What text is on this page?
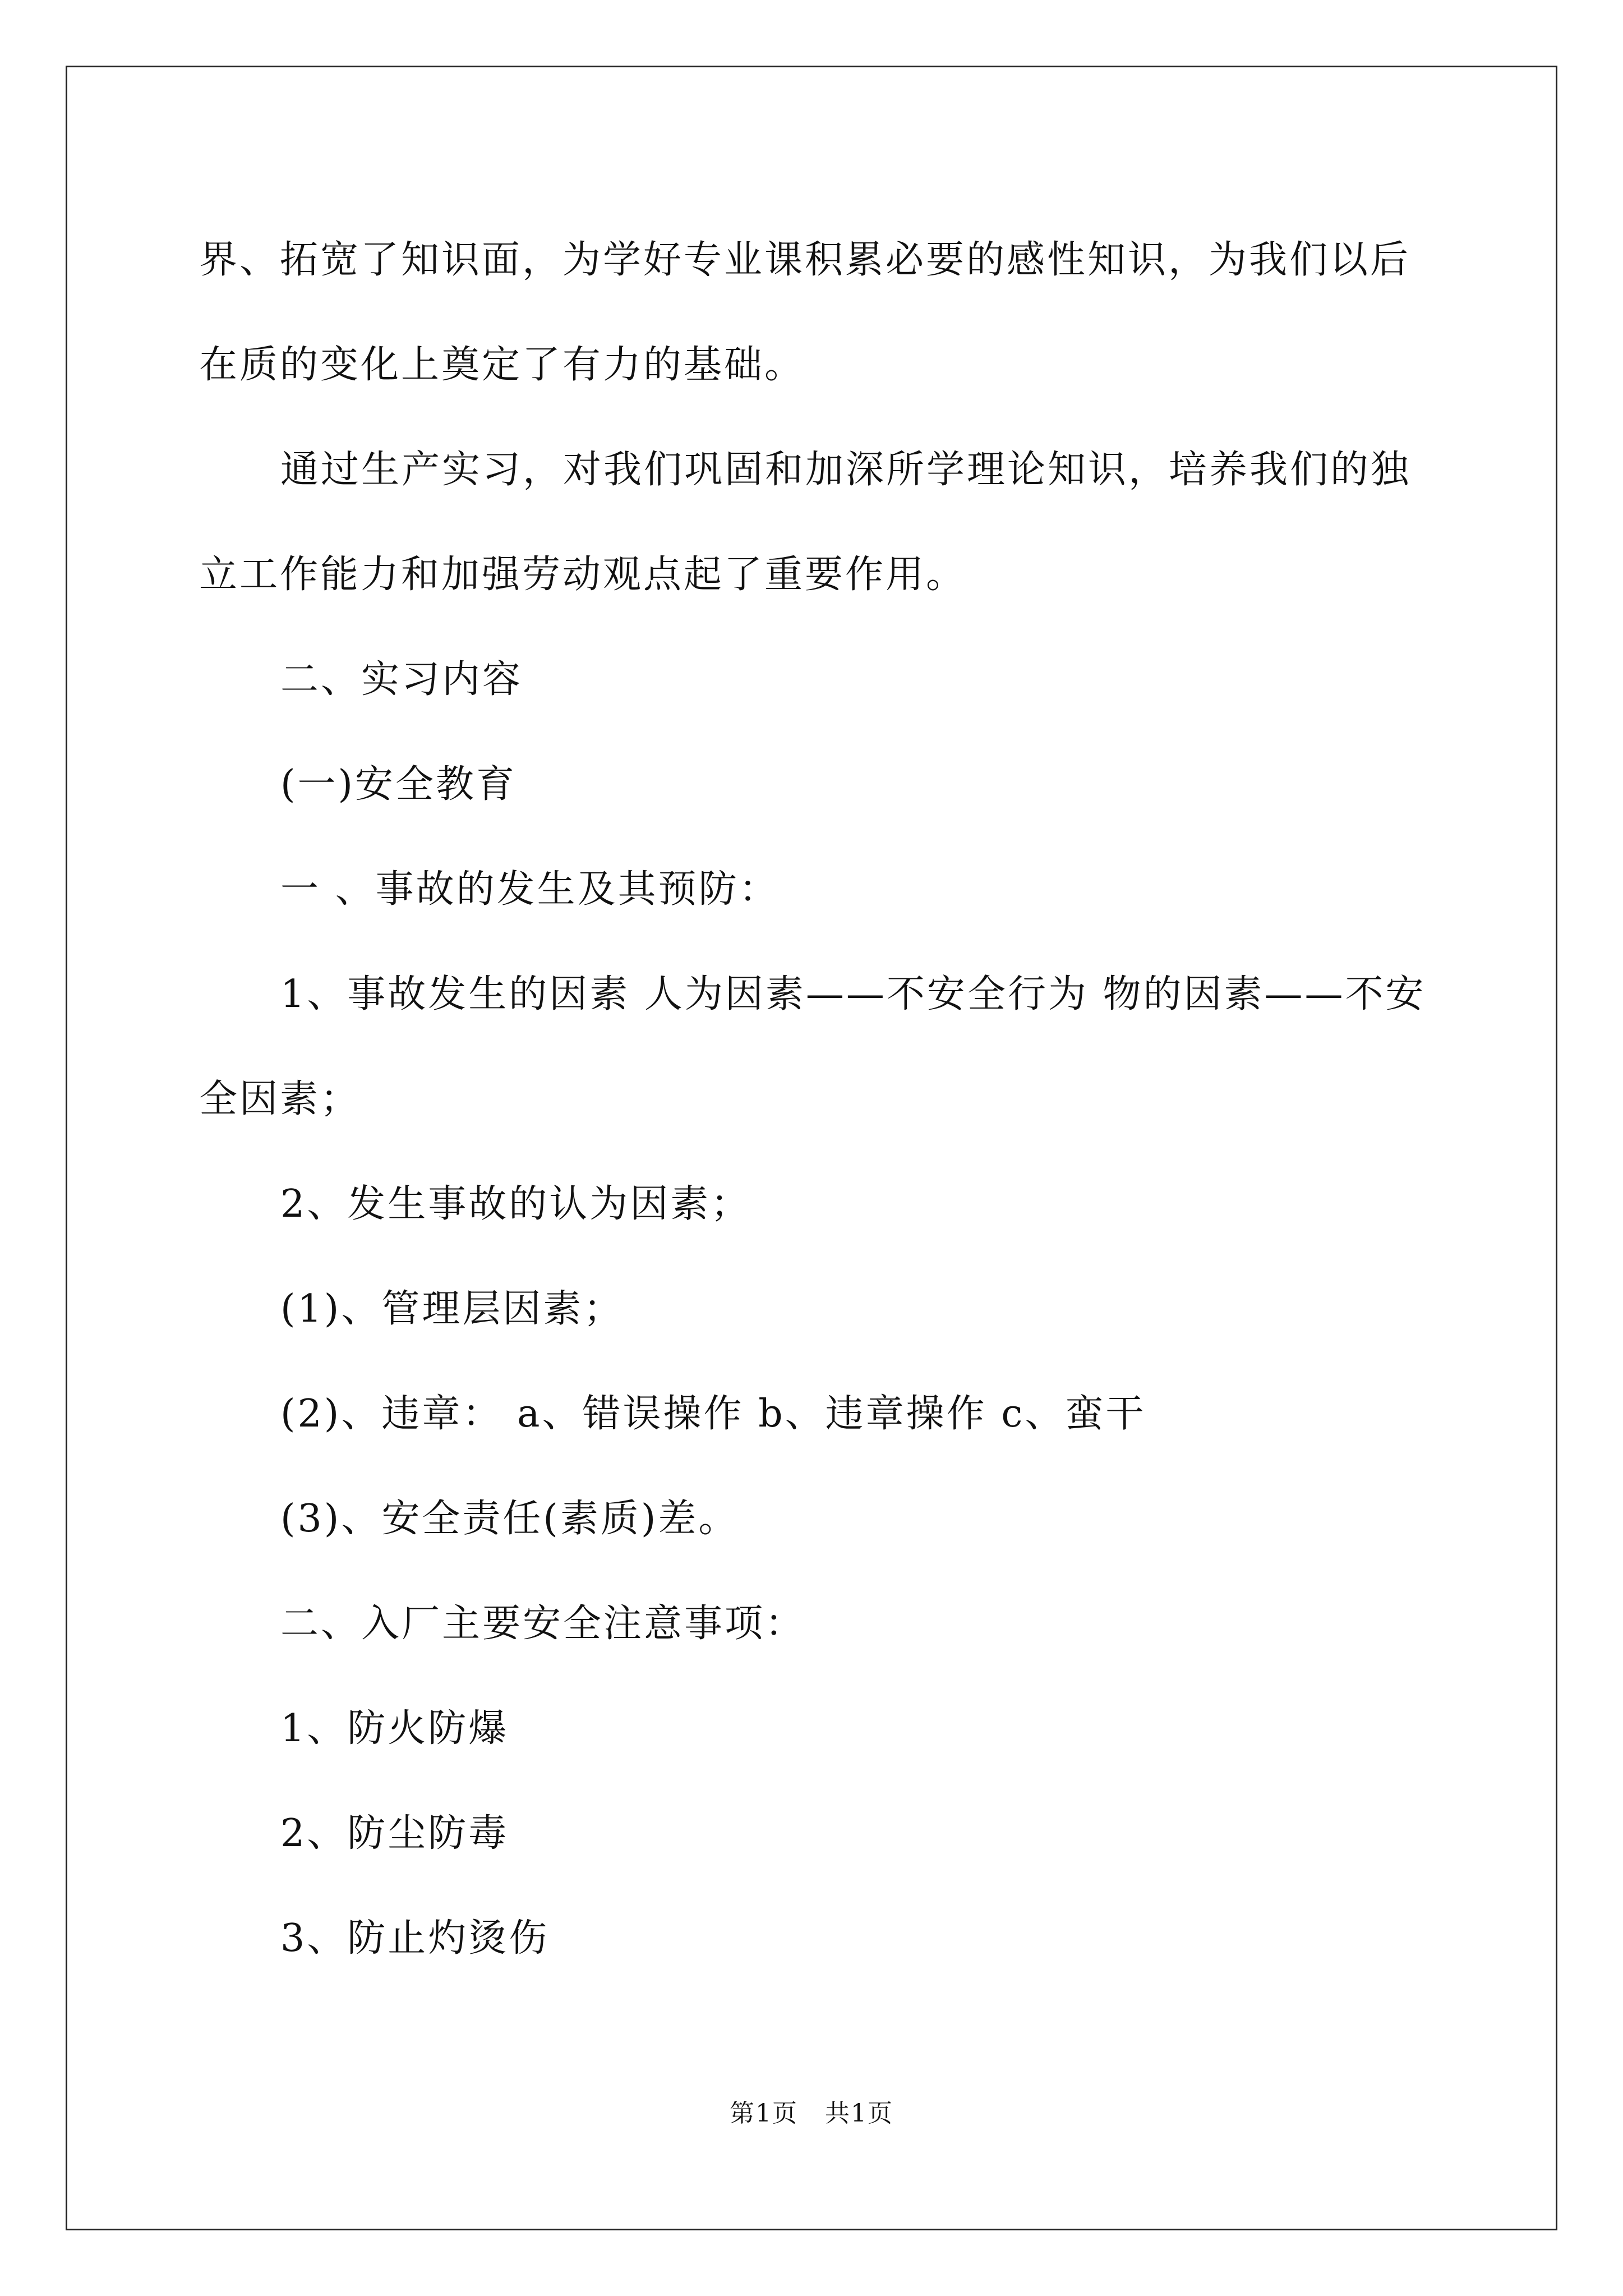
界、拓宽了知识面，为学好专业课积累必要的感性知识，为我们以后

在质的变化上奠定了有力的基础。

通过生产实习，对我们巩固和加深所学理论知识，培养我们的独

立工作能力和加强劳动观点起了重要作用。

二、实习内容

(一)安全教育

一 、事故的发生及其预防：

1、事故发生的因素 人为因素——不安全行为 物的因素——不安

全因素；

2、发生事故的认为因素；

(1)、管理层因素；

(2)、违章： a、错误操作 b、违章操作 c、蛮干

(3)、安全责任(素质)差。

二、入厂主要安全注意事项：

1、防火防爆

2、防尘防毒

3、防止灼烫伤

第1页   共1页
